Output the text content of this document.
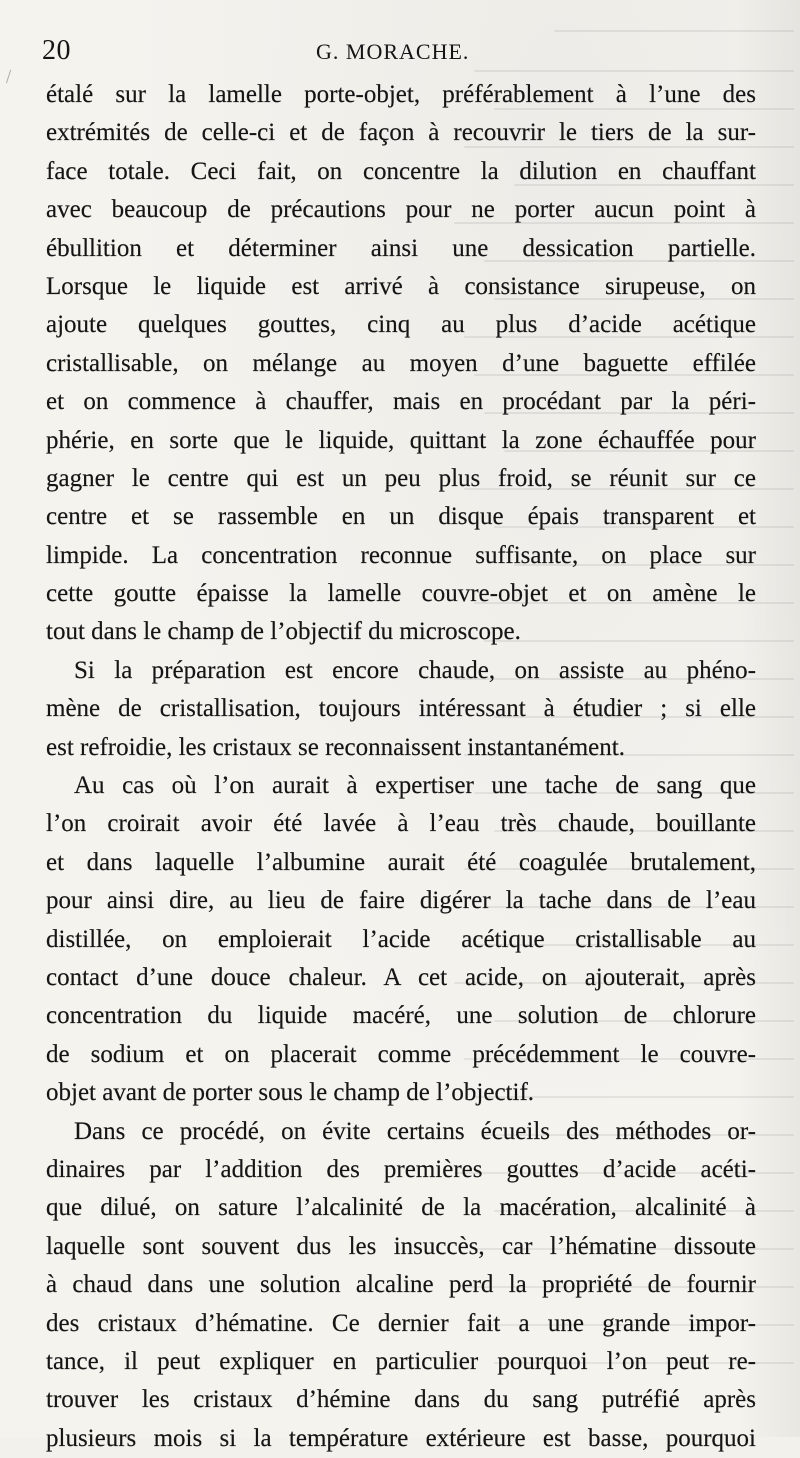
20	G. MORACHE.
étalé sur la lamelle porte-objet, préférablement à l’une des
extrémités de celle-ci et de façon à recouvrir le tiers de la sur-
face totale. Ceci fait, on concentre la dilution en chauffant
avec beaucoup de précautions pour ne porter aucun point à
ébullition et déterminer ainsi une dessication partielle.
Lorsque le liquide est arrivé à consistance sirupeuse, on
ajoute quelques gouttes, cinq au plus d’acide acétique
cristallisable, on mélange au moyen d’une baguette effilée
et on commence à chauffer, mais en procédant par la péri-
phérie, en sorte que le liquide, quittant la zone échauffée pour
gagner le centre qui est un peu plus froid, se réunit sur ce
centre et se rassemble en un disque épais transparent et
limpide. La concentration reconnue suffisante, on place sur
cette goutte épaisse la lamelle couvre-objet et on amène le
tout dans le champ de l’objectif du microscope.
Si la préparation est encore chaude, on assiste au phéno-
mène de cristallisation, toujours intéressant à étudier ; si elle
est refroidie, les cristaux se reconnaissent instantanément.
Au cas où l’on aurait à expertiser une tache de sang que
l’on croirait avoir été lavée à l’eau très chaude, bouillante
et dans laquelle l’albumine aurait été coagulée brutalement,
pour ainsi dire, au lieu de faire digérer la tache dans de l’eau
distillée, on emploierait l’acide acétique cristallisable au
contact d’une douce chaleur. A cet acide, on ajouterait, après
concentration du liquide macéré, une solution de chlorure
de sodium et on placerait comme précédemment le couvre-
objet avant de porter sous le champ de l’objectif.
Dans ce procédé, on évite certains écueils des méthodes or-
dinaires par l’addition des premières gouttes d’acide acéti-
que dilué, on sature l’alcalinité de la macération, alcalinité à
laquelle sont souvent dus les insuccès, car l’hématine dissoute
à chaud dans une solution alcaline perd la propriété de fournir
des cristaux d’hématine. Ce dernier fait a une grande impor-
tance, il peut expliquer en particulier pourquoi l’on peut re-
trouver les cristaux d’hémine dans du sang putréfié après
plusieurs mois si la température extérieure est basse, pourquoi
